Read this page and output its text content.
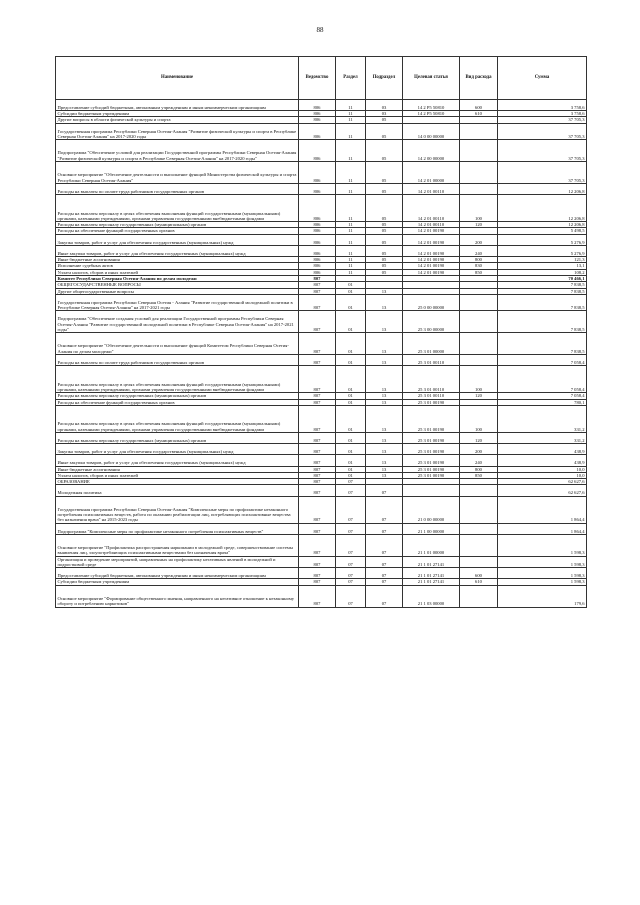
88
Наименование	Ведомство	Раздел	Подраздел	Целевая статья	Вид расхода	Сумма
Предоставление субсидий бюджетным, автономным учреждениям и иным некоммерческим организациям	806	11	03	14 2 P5 50810	600	3 758,6
Субсидии бюджетным учреждениям	806	11	03	14 2 P5 50810	610	3 758,6
Другие вопросы в области физической культуры и спорта	806	11	05			37 705,3
Государственная программа Республики Северная Осетия-Алания "Развитие физической культуры и спорта в Республике Северная Осетия-Алания" на 2017-2020 годы	806	11	05	14 0 00 00000		37 705,3
Подпрограмма "Обеспечение условий для реализации Государственной программы Республики Северная Осетия-Алания "Развитие физической культуры и спорта в Республике Северная Осетия-Алания" на 2017-2020 годы"	806	11	05	14 2 00 00000		37 705,3
Основное мероприятие "Обеспечение деятельности и выполнение функций Министерства физической культуры и спорта Республики Северная Осетия-Алания"	806	11	05	14 2 01 00000		37 705,3
Расходы на выплаты по оплате труда работников государственных органов	806	11	05	14 2 01 00110		12 206,8
Расходы на выплаты персоналу в целях обеспечения выполнения функций государственными (муниципальными) органами, казенными учреждениями, органами управления государственными внебюджетными фондами	806	11	05	14 2 01 00110	100	12 206,8
Расходы на выплаты персоналу государственных (муниципальных) органов	806	11	05	14 2 01 00110	120	12 206,8
Расходы на обеспечение функций государственных органов	806	11	05	14 2 01 00190		5 498,5
Закупка товаров, работ и услуг для обеспечения государственных (муниципальных) нужд	806	11	05	14 2 01 00190	200	5 276,9
Иные закупки товаров, работ и услуг для обеспечения государственных (муниципальных) нужд	806	11	05	14 2 01 00190	240	5 276,9
Иные бюджетные ассигнования	806	11	05	14 2 01 00190	800	121,3
Исполнение судебных актов	806	11	05	14 2 01 00190	830	13,1
Уплата налогов, сборов и иных платежей	806	11	05	14 2 01 00190	850	108,2
Комитет Республики Северная Осетия-Алания по делам молодежи	807					70 466,1
ОБЩЕГОСУДАРСТВЕННЫЕ ВОПРОСЫ	807	01				7 838,5
Другие общегосударственные вопросы	807	01	13			7 838,5
Государственная программа Республики Северная Осетия - Алания "Развитие государственной молодежной политики в Республике Северная Осетия-Алания" на 2017-2021 годы	807	01	13	25 0 00 00000		7 838,5
Подпрограмма "Обеспечение создания условий для реализации Государственной программы Республики Северная Осетия-Алания "Развитие государственной молодежной политики в Республике Северная Осетия-Алания" на 2017-2021 годы"	807	01	13	25 3 00 00000		7 838,5
Основное мероприятие "Обеспечение деятельности и выполнение функций Комитетом Республики Северная Осетия-Алания по делам молодежи"	807	01	13	25 3 01 00000		7 838,5
Расходы на выплаты по оплате труда работников государственных органов	807	01	13	25 3 01 00110		7 058,4
Расходы на выплаты персоналу в целях обеспечения выполнения функций государственными (муниципальными) органами, казенными учреждениями, органами управления государственными внебюджетными фондами	807	01	13	25 3 01 00110	100	7 058,4
Расходы на выплаты персоналу государственных (муниципальных) органов	807	01	13	25 3 01 00110	120	7 058,4
Расходы на обеспечение функций государственных органов	807	01	13	25 3 01 00190		780,1
Расходы на выплаты персоналу в целях обеспечения выполнения функций государственными (муниципальными) органами, казенными учреждениями, органами управления государственными внебюджетными фондами	807	01	13	25 3 01 00190	100	331,2
Расходы на выплаты персоналу государственных (муниципальных) органов	807	01	13	25 3 01 00190	120	331,2
Закупка товаров, работ и услуг для обеспечения государственных (муниципальных) нужд	807	01	13	25 3 01 00190	200	438,9
Иные закупки товаров, работ и услуг для обеспечения государственных (муниципальных) нужд	807	01	13	25 3 01 00190	240	438,9
Иные бюджетные ассигнования	807	01	13	25 3 01 00190	800	10,0
Уплата налогов, сборов и иных платежей	807	01	13	25 3 01 00190	850	10,0
ОБРАЗОВАНИЕ	807	07				62 627,6
Молодежная политика	807	07	07			62 627,6
Государственная программа Республики Северная Осетия-Алания "Комплексные меры по профилактике незаконного потребления психоактивных веществ, работа по оказанию реабилитации лиц, потребляющих психоактивные вещества без назначения врача" на 2015-2023 годы	807	07	07	21 0 00 00000		1 864,4
Подпрограмма "Комплексные меры по профилактике незаконного потребления психоактивных веществ"	807	07	07	21 1 00 00000		1 864,4
Основное мероприятие "Профилактика распространения наркомании в молодежной среде, совершенствование системы выявления лиц, злоупотребляющих психоактивными веществами без назначения врача"	807	07	07	21 1 01 00000		1 598,3
Организация и проведение мероприятий, направленных на профилактику негативных явлений в молодежной и подростковой среде	807	07	07	21 1 01 27141		1 598,3
Предоставление субсидий бюджетным, автономным учреждениям и иным некоммерческим организациям	807	07	07	21 1 01 27141	600	1 598,3
Субсидии бюджетным учреждениям	807	07	07	21 1 01 27141	610	1 598,3
Основное мероприятие "Формирование общественного мнения, направленного на негативное отношение к незаконному обороту и потреблению наркотиков"	807	07	07	21 1 03 00000		179,6
